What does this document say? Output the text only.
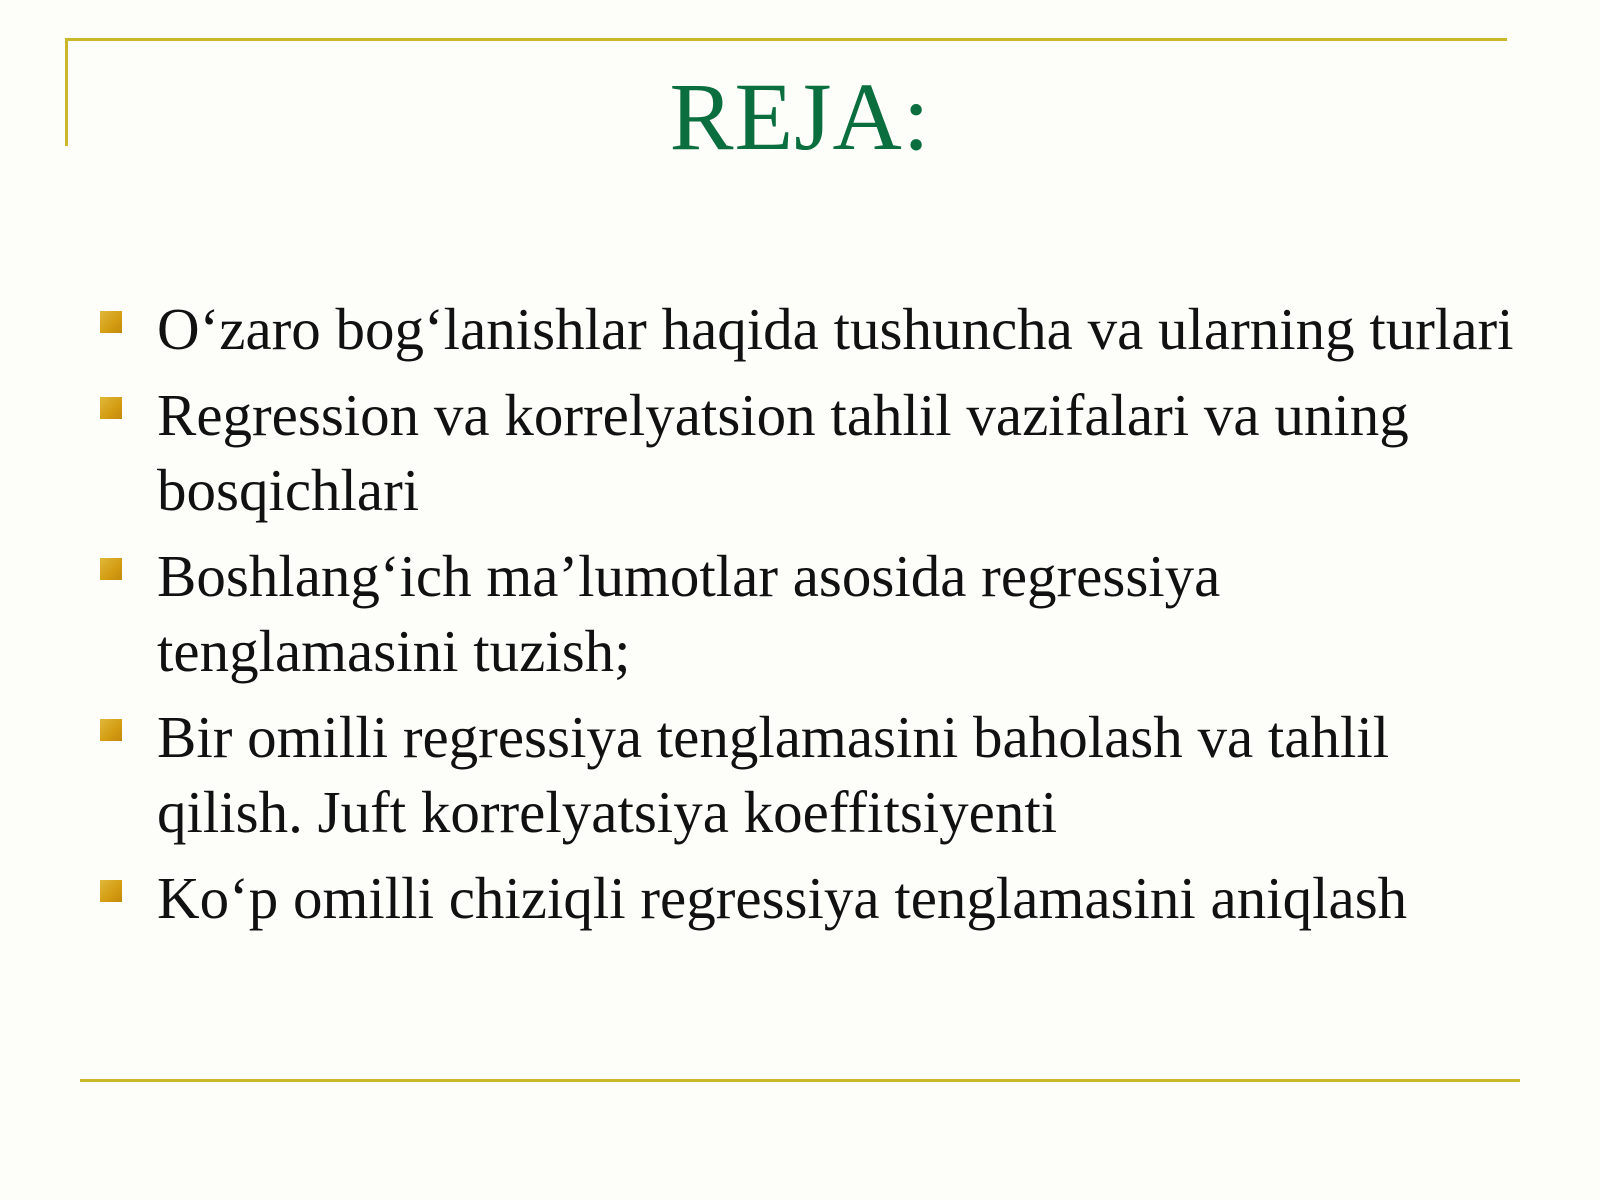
REJA:
O‘zaro bog‘lanishlar haqida tushuncha va ularning turlari
Regression va korrelyatsion tahlil vazifalari va uning bosqichlari
Boshlang‘ich ma’lumotlar asosida regressiya tenglamasini tuzish;
Bir omilli regressiya tenglamasini baholash va tahlil qilish. Juft korrelyatsiya koeffitsiyenti
Ko‘p omilli chiziqli regressiya tenglamasini aniqlash
